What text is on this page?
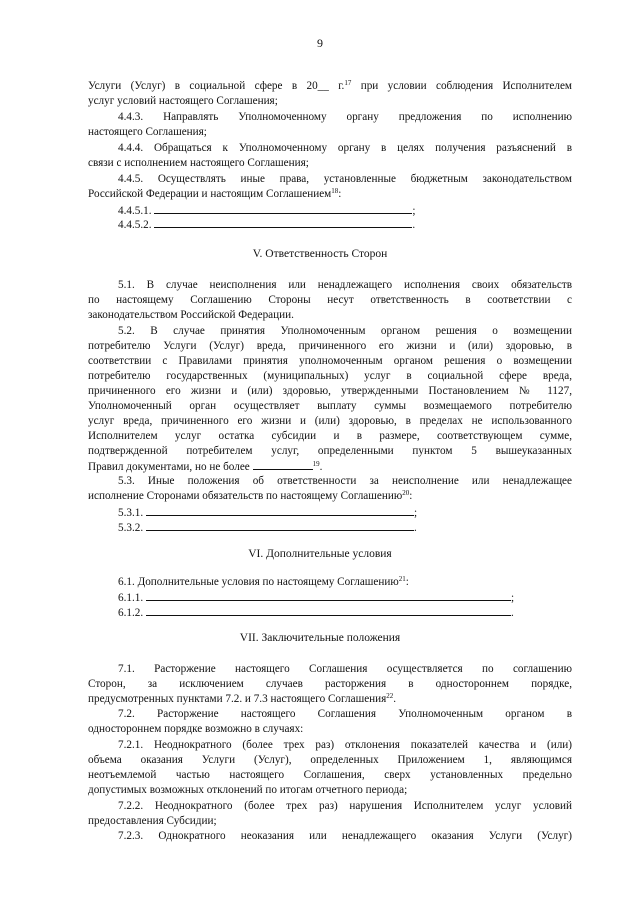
9
Услуги (Услуг) в социальной сфере в 20__ г.$^{17}$ при условии соблюдения Исполнителем
услуг условий настоящего Соглашения;
4.4.3. Направлять Уполномоченному органу предложения по исполнению
настоящего Соглашения;
4.4.4. Обращаться к Уполномоченному органу в целях получения разъяснений в
связи с исполнением настоящего Соглашения;
4.4.5. Осуществлять иные права, установленные бюджетным законодательством
Российской Федерации и настоящим Соглашением$^{18}$:
4.4.5.1.	;
4.4.5.2.	.
V. Ответственность Сторон
5.1. В случае неисполнения или ненадлежащего исполнения своих обязательств
по настоящему Соглашению Стороны несут ответственность в соответствии с
законодательством Российской Федерации.
5.2. В случае принятия Уполномоченным органом решения о возмещении
потребителю Услуги (Услуг) вреда, причиненного его жизни и (или) здоровью, в
соответствии с Правилами принятия уполномоченным органом решения о возмещении
потребителю государственных (муниципальных) услуг в социальной сфере вреда,
причиненного его жизни и (или) здоровью, утвержденными Постановлением № 1127,
Уполномоченный орган осуществляет выплату суммы возмещаемого потребителю
услуг вреда, причиненного его жизни и (или) здоровью, в пределах не использованного
Исполнителем услуг остатка субсидии и в размере, соответствующем сумме,
подтвержденной потребителем услуг, определенными пунктом 5 вышеуказанных
Правил документами, но не более	$^{19}$.
5.3. Иные положения об ответственности за неисполнение или ненадлежащее
исполнение Сторонами обязательств по настоящему Соглашению$^{20}$:
5.3.1.	;
5.3.2.	.
VI. Дополнительные условия
6.1. Дополнительные условия по настоящему Соглашению$^{21}$:
6.1.1.	;
6.1.2.	.
VII. Заключительные положения
7.1. Расторжение настоящего Соглашения осуществляется по соглашению
Сторон, за исключением случаев расторжения в одностороннем порядке,
предусмотренных пунктами 7.2. и 7.3 настоящего Соглашения$^{22}$.
7.2. Расторжение настоящего Соглашения Уполномоченным органом в
одностороннем порядке возможно в случаях:
7.2.1. Неоднократного (более трех раз) отклонения показателей качества и (или)
объема оказания Услуги (Услуг), определенных Приложением 1, являющимся
неотъемлемой частью настоящего Соглашения, сверх установленных предельно
допустимых возможных отклонений по итогам отчетного периода;
7.2.2. Неоднократного (более трех раз) нарушения Исполнителем услуг условий
предоставления Субсидии;
7.2.3. Однократного неоказания или ненадлежащего оказания Услуги (Услуг)
